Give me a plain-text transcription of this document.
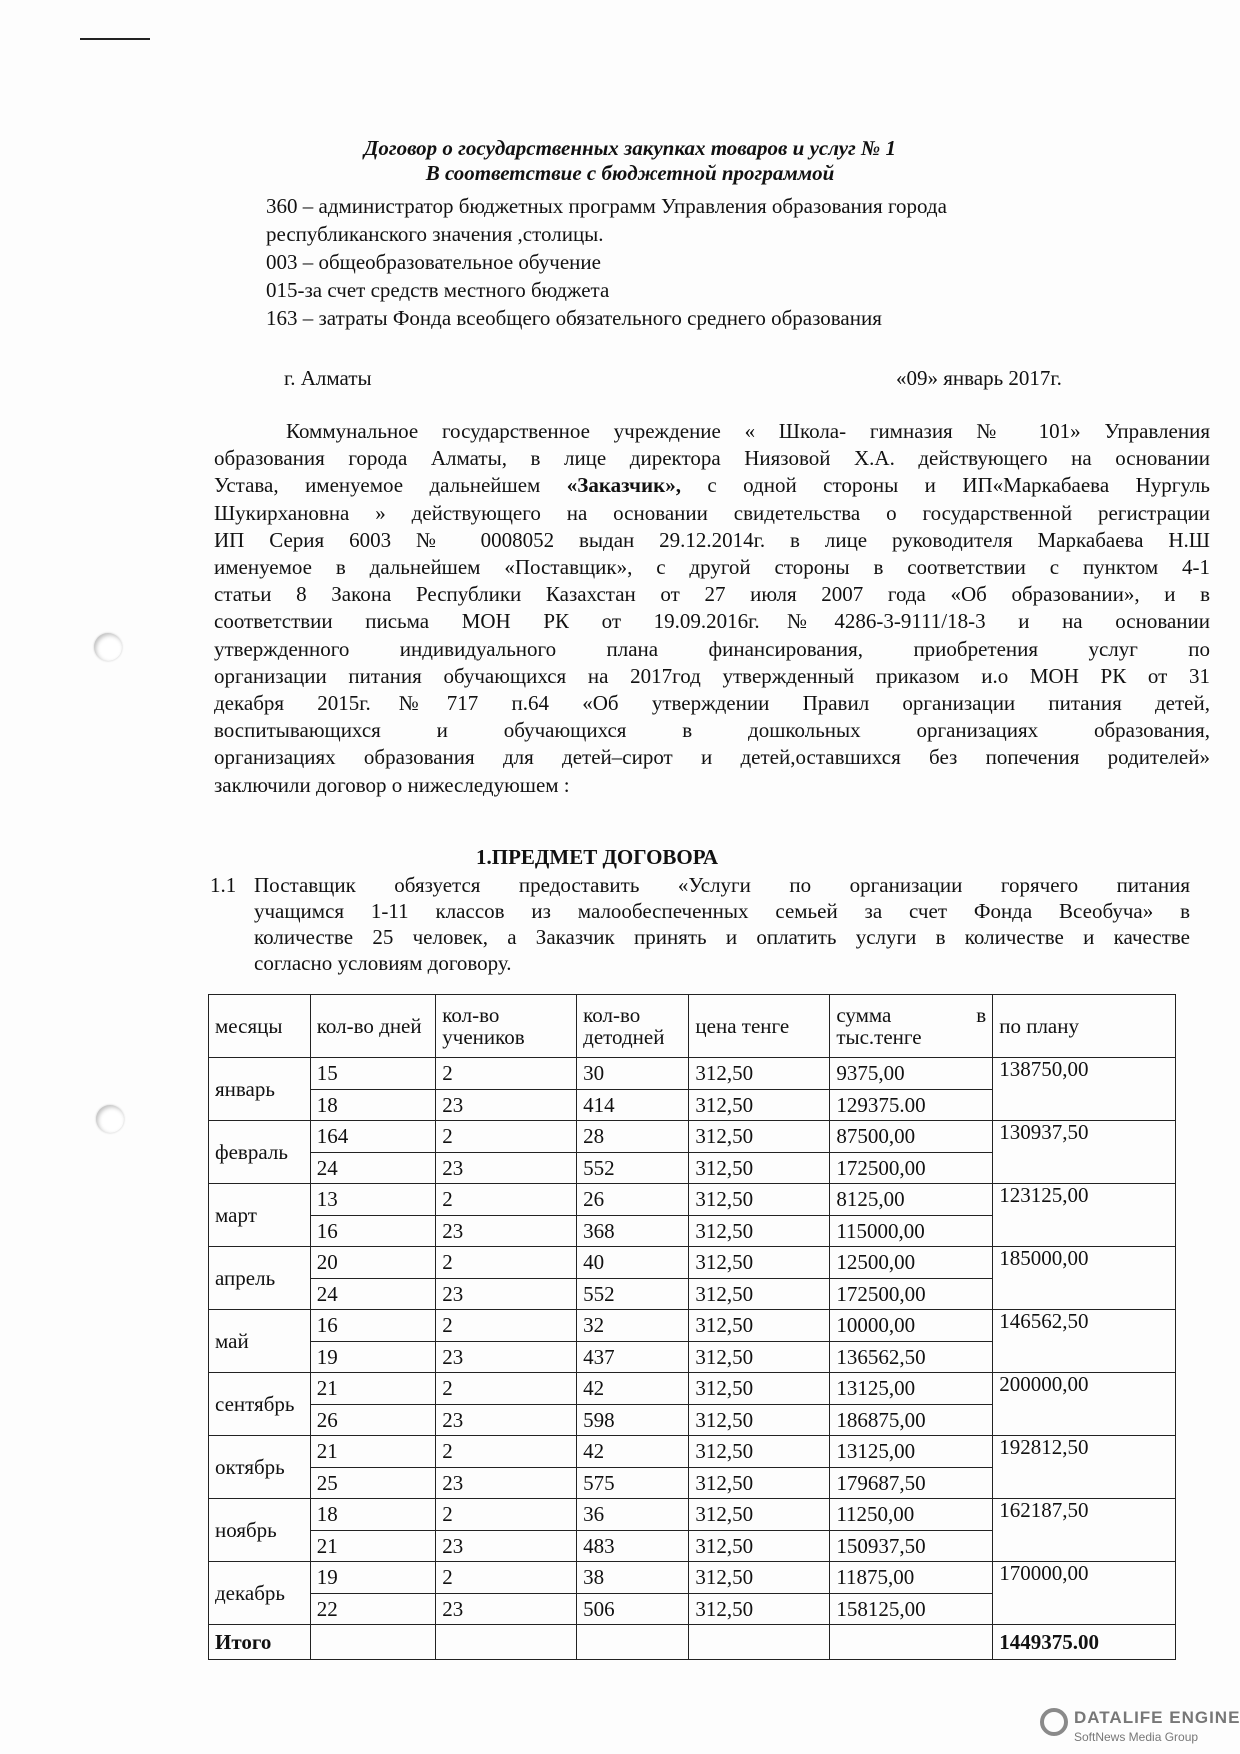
Договор о государственных закупках товаров и услуг № 1
В соответствие с бюджетной программой
360 – администратор бюджетных программ Управления образования города
республиканского значения ,столицы.
003 – общеобразовательное обучение
015-за счет средств местного бюджета
163 – затраты Фонда всеобщего обязательного среднего образования
г. Алматы	«09» январь 2017г.

Коммунальное государственное учреждение « Школа- гимназия № 101» Управления

образования города Алматы, в лице директора Ниязовой Х.А. действующего на основании

Устава, именуемое дальнейшем «Заказчик», с одной стороны и ИП«Маркабаева Нургуль

Шукирхановна » действующего на основании свидетельства о государственной регистрации

ИП Серия 6003 № 0008052 выдан 29.12.2014г. в лице руководителя Маркабаева Н.Ш

именуемое в дальнейшем «Поставщик», с другой стороны в соответствии с пунктом 4-1

статьи 8 Закона Республики Казахстан от 27 июля 2007 года «Об образовании», и в

соответствии письма МОН РК от 19.09.2016г.№4286-3-9111/18-3 и на основании

утвержденного индивидуального плана финансирования, приобретения услуг по

организации питания обучающихся на 2017год утвержденный приказом и.о МОН РК от 31

декабря 2015г.№717 п.64 «Об утверждении Правил организации питания детей,

воспитывающихся и обучающихся в дошкольных организациях образования,

организациях образования для детей–сирот и детей,оставшихся без попечения родителей»

заключили договор о нижеследуюшем :

1.ПРЕДМЕТ ДОГОВОРА
1.1 Поставщик обязуется предоставить «Услуги по организации горячего питания

учащимся 1-11 классов из малообеспеченных семьей за счет Фонда Всеобуча» в

количестве 25 человек, а Заказчик принять и оплатить услуги в количестве и качестве

согласно условиям договору.

месяцы	кол-во дней	кол-во учеников	кол-во детодней	цена тенге	сумма в
тыс.тенге	по плану
январь	15	2	30	312,50	9375,00	138750,00
	18	23	414	312,50	129375.00	
февраль	164	2	28	312,50	87500,00	130937,50
	24	23	552	312,50	172500,00	
март	13	2	26	312,50	8125,00	123125,00
	16	23	368	312,50	115000,00	
апрель	20	2	40	312,50	12500,00	185000,00
	24	23	552	312,50	172500,00	
май	16	2	32	312,50	10000,00	146562,50
	19	23	437	312,50	136562,50	
сентябрь	21	2	42	312,50	13125,00	200000,00
	26	23	598	312,50	186875,00	
октябрь	21	2	42	312,50	13125,00	192812,50
	25	23	575	312,50	179687,50	
ноябрь	18	2	36	312,50	11250,00	162187,50
	21	23	483	312,50	150937,50	
декабрь	19	2	38	312,50	11875,00	170000,00
	22	23	506	312,50	158125,00	
Итого						1449375.00
DATALIFE ENGINE
SoftNews Media Group
